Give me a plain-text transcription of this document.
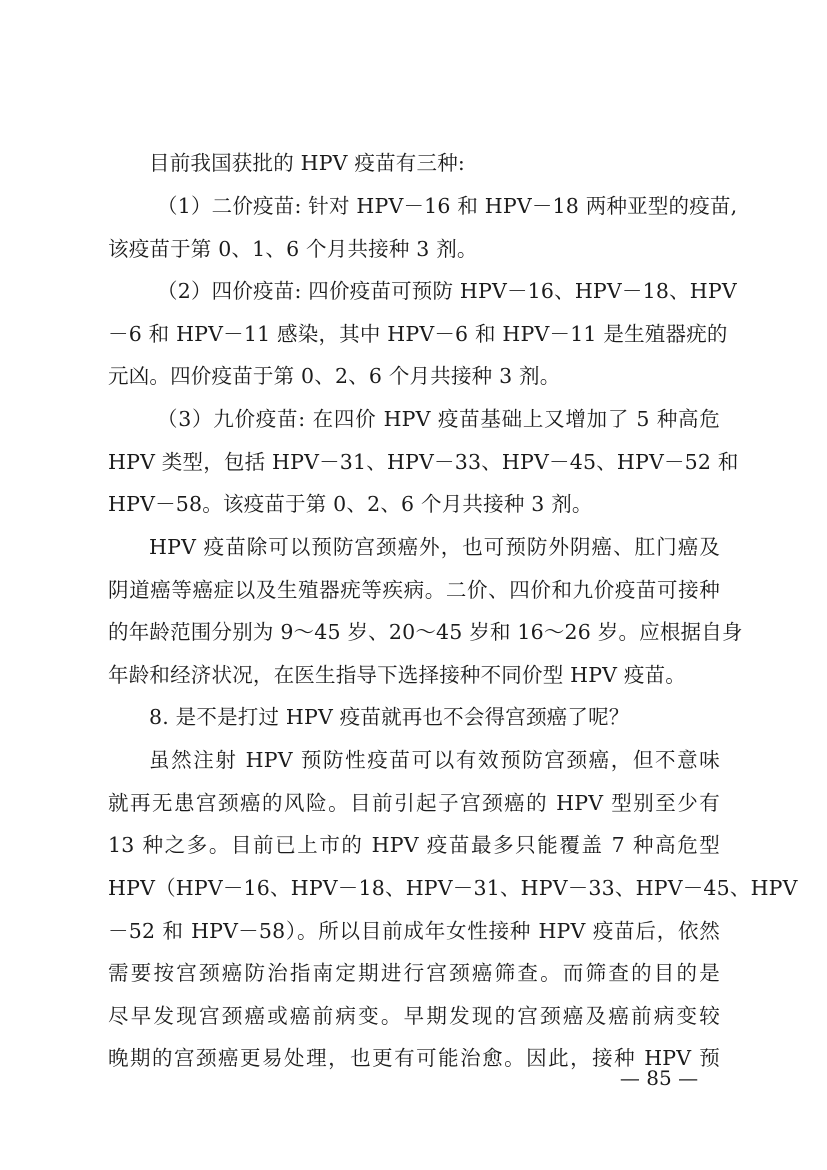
目前我国获批的 HPV 疫苗有三种:
（1）二价疫苗: 针对 HPV－16 和 HPV－18 两种亚型的疫苗,
该疫苗于第 0、1、6 个月共接种 3 剂。
（2）四价疫苗: 四价疫苗可预防 HPV－16、HPV－18、HPV
－6 和 HPV－11 感染，其中 HPV－6 和 HPV－11 是生殖器疣的
元凶。四价疫苗于第 0、2、6 个月共接种 3 剂。
（3）九价疫苗: 在四价 HPV 疫苗基础上又增加了 5 种高危
HPV 类型，包括 HPV－31、HPV－33、HPV－45、HPV－52 和
HPV－58。该疫苗于第 0、2、6 个月共接种 3 剂。
HPV 疫苗除可以预防宫颈癌外，也可预防外阴癌、肛门癌及
阴道癌等癌症以及生殖器疣等疾病。二价、四价和九价疫苗可接种
的年龄范围分别为 9～45 岁、20～45 岁和 16～26 岁。应根据自身
年龄和经济状况，在医生指导下选择接种不同价型 HPV 疫苗。
8. 是不是打过 HPV 疫苗就再也不会得宫颈癌了呢？
虽然注射 HPV 预防性疫苗可以有效预防宫颈癌，但不意味
就再无患宫颈癌的风险。目前引起子宫颈癌的 HPV 型别至少有
13 种之多。目前已上市的 HPV 疫苗最多只能覆盖 7 种高危型
HPV（HPV－16、HPV－18、HPV－31、HPV－33、HPV－45、HPV
－52 和 HPV－58）。所以目前成年女性接种 HPV 疫苗后，依然
需要按宫颈癌防治指南定期进行宫颈癌筛查。而筛查的目的是
尽早发现宫颈癌或癌前病变。早期发现的宫颈癌及癌前病变较
晚期的宫颈癌更易处理，也更有可能治愈。因此，接种 HPV 预
— 85 —
